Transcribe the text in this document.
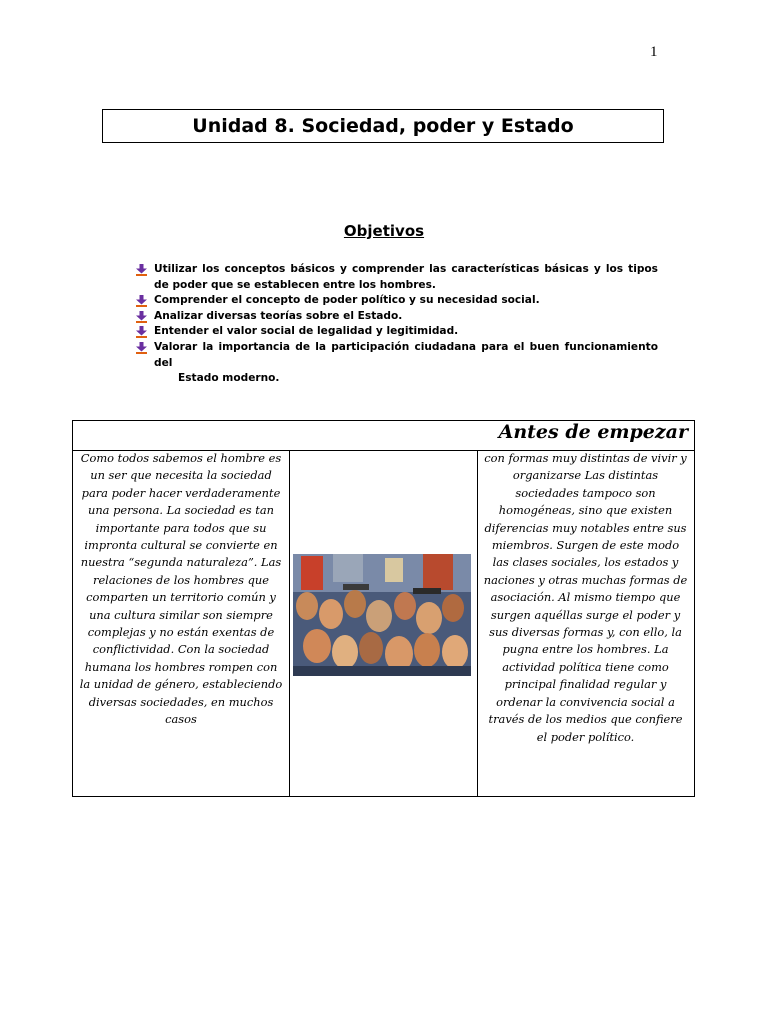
1
Unidad 8. Sociedad, poder y Estado
Objetivos
Utilizar los conceptos básicos y comprender las características básicas y los tipos de poder que se establecen entre los hombres.
Comprender el concepto de poder político y su necesidad social.
Analizar diversas teorías sobre el Estado.
Entender el valor social de legalidad y legitimidad.
Valorar la importancia de la participación ciudadana para el buen funcionamiento del
Estado moderno.
Antes de empezar

Como todos sabemos el hombre es un ser que necesita la sociedad para poder hacer verdaderamente una persona. La sociedad es tan importante para todos que su impronta cultural se convierte en nuestra “segunda naturaleza”. Las relaciones de los hombres que comparten un territorio común y una cultura similar son siempre complejas y no están exentas de conflictividad. Con la sociedad humana los hombres rompen con la unidad de género, estableciendo diversas sociedades, en muchos casos

con formas muy distintas de vivir y organizarse Las distintas sociedades tampoco son homogéneas, sino que existen diferencias muy notables entre sus miembros. Surgen de este modo las clases sociales, los estados y naciones y otras muchas formas de asociación. Al mismo tiempo que surgen aquéllas surge el poder y sus diversas formas y, con ello, la pugna entre los hombres. La actividad política tiene como principal finalidad regular y ordenar la convivencia social a través de los medios que confiere el poder político.
